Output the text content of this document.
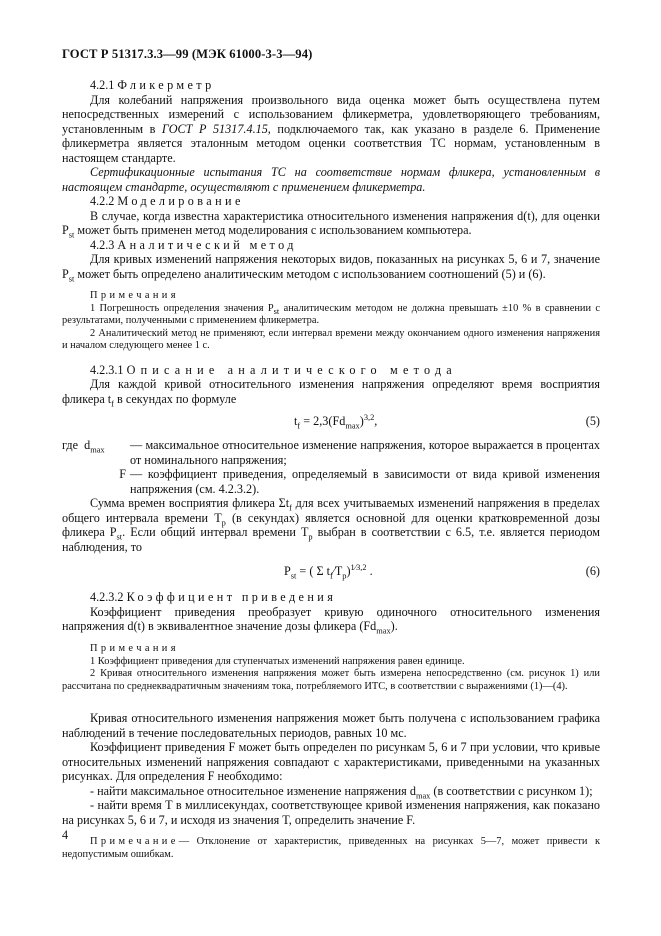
ГОСТ Р 51317.3.3—99 (МЭК 61000-3-3—94)
4.2.1 Фликерметр
Для колебаний напряжения произвольного вида оценка может быть осуществлена путем непосредственных измерений с использованием фликерметра, удовлетворяющего требованиям, установленным в ГОСТ Р 51317.4.15, подключаемого так, как указано в разделе 6. Применение фликерметра является эталонным методом оценки соответствия ТС нормам, установленным в настоящем стандарте.
Сертификационные испытания ТС на соответствие нормам фликера, установленным в настоящем стандарте, осуществляют с применением фликерметра.
4.2.2 Моделирование
В случае, когда известна характеристика относительного изменения напряжения d(t), для оценки $P_{st}$ может быть применен метод моделирования с использованием компьютера.
4.2.3 Аналитический метод
Для кривых изменений напряжения некоторых видов, показанных на рисунках 5, 6 и 7, значение $P_{st}$ может быть определено аналитическим методом с использованием соотношений (5) и (6).
Примечания
1 Погрешность определения значения $P_{st}$ аналитическим методом не должна превышать ±10 % в сравнении с результатами, полученными с применением фликерметра.
2 Аналитический метод не применяют, если интервал времени между окончанием одного изменения напряжения и началом следующего менее 1 с.
4.2.3.1 Описание аналитического метода
Для каждой кривой относительного изменения напряжения определяют время восприятия фликера $t_f$ в секундах по формуле
$t_f = 2,3(Fd_{max})^{3,2}$,	(5)
где $d_{max}$	— максимальное относительное изменение напряжения, которое выражается в процентах от номинального напряжения;
F	— коэффициент приведения, определяемый в зависимости от вида кривой изменения напряжения (см. 4.2.3.2).
Сумма времен восприятия фликера $\Sigma t_f$ для всех учитываемых изменений напряжения в пределах общего интервала времени $T_p$ (в секундах) является основной для оценки кратковременной дозы фликера $P_{st}$. Если общий интервал времени $T_p$ выбран в соответствии с 6.5, т.е. является периодом наблюдения, то
$P_{st}$ = ( Σ $t_f⁄T_p)^{1⁄3,2}$ .	(6)
4.2.3.2 Коэффициент приведения
Коэффициент приведения преобразует кривую одиночного относительного изменения напряжения d(t) в эквивалентное значение дозы фликера $(Fd_{max})$.
Примечания
1 Коэффициент приведения для ступенчатых изменений напряжения равен единице.
2 Кривая относительного изменения напряжения может быть измерена непосредственно (см. рисунок 1) или рассчитана по среднеквадратичным значениям тока, потребляемого ИТС, в соответствии с выражениями (1)—(4).
Кривая относительного изменения напряжения может быть получена с использованием графика наблюдений в течение последовательных периодов, равных 10 мс.
Коэффициент приведения F может быть определен по рисункам 5, 6 и 7 при условии, что кривые относительных изменений напряжения совпадают с характеристиками, приведенными на указанных рисунках. Для определения F необходимо:
- найти максимальное относительное изменение напряжения $d_{max}$ (в соответствии с рисунком 1);
- найти время T в миллисекундах, соответствующее кривой изменения напряжения, как показано на рисунках 5, 6 и 7, и исходя из значения T, определить значение F.
Примечание— Отклонение от характеристик, приведенных на рисунках 5—7, может привести к недопустимым ошибкам.
4
